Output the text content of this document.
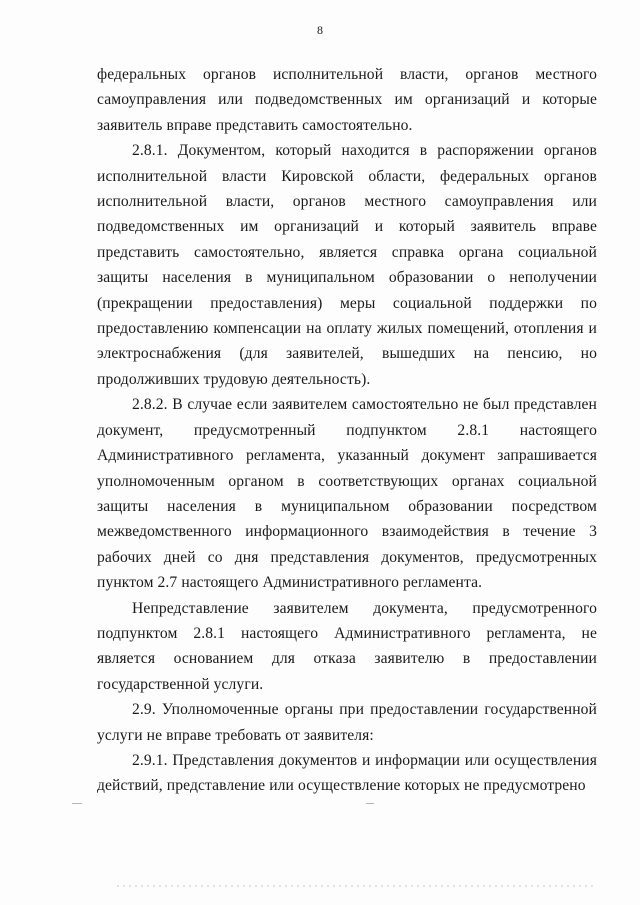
8

федеральных органов исполнительной власти, органов местного самоуправления или подведомственных им организаций и которые заявитель вправе представить самостоятельно.

2.8.1. Документом, который находится в распоряжении органов исполнительной власти Кировской области, федеральных органов исполнительной власти, органов местного самоуправления или подведомственных им организаций и который заявитель вправе представить самостоятельно, является справка органа социальной защиты населения в муниципальном образовании о неполучении (прекращении предоставления) меры социальной поддержки по предоставлению компенсации на оплату жилых помещений, отопления и электроснабжения (для заявителей, вышедших на пенсию, но продолживших трудовую деятельность).

2.8.2. В случае если заявителем самостоятельно не был представлен документ, предусмотренный подпунктом 2.8.1 настоящего Административного регламента, указанный документ запрашивается уполномоченным органом в соответствующих органах социальной защиты населения в муниципальном образовании посредством межведомственного информационного взаимодействия в течение 3 рабочих дней со дня представления документов, предусмотренных пунктом 2.7 настоящего Административного регламента.

Непредставление заявителем документа, предусмотренного подпунктом 2.8.1 настоящего Административного регламента, не является основанием для отказа заявителю в предоставлении государственной услуги.

2.9. Уполномоченные органы при предоставлении государственной услуги не вправе требовать от заявителя:

2.9.1. Представления документов и информации или осуществления действий, представление или осуществление которых не предусмотрено
